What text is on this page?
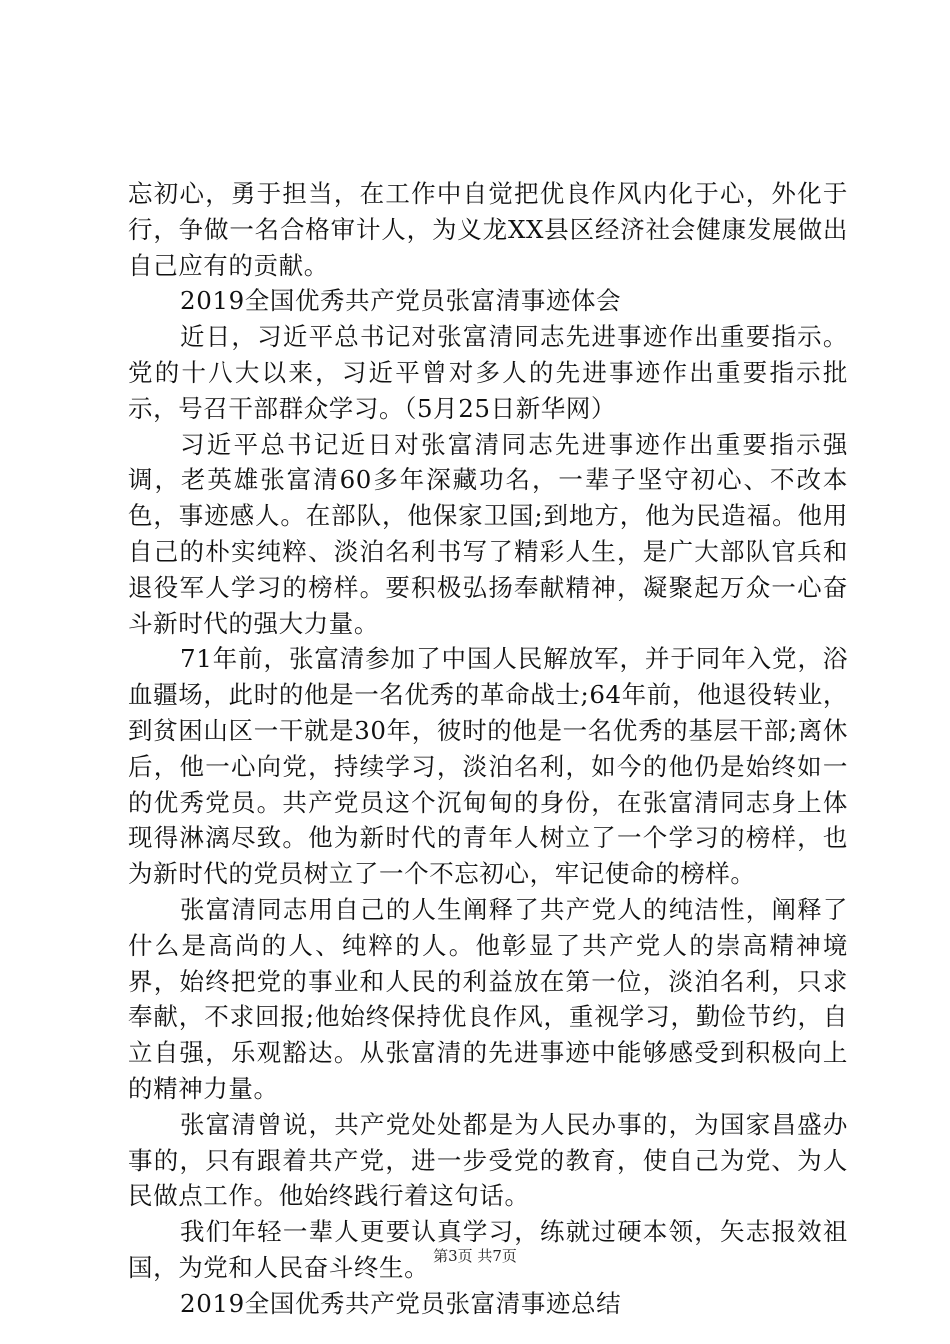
忘初心，勇于担当，在工作中自觉把优良作风内化于心，外化于行，争做一名合格审计人，为义龙XX县区经济社会健康发展做出自己应有的贡献。

2019全国优秀共产党员张富清事迹体会

近日，习近平总书记对张富清同志先进事迹作出重要指示。党的十八大以来，习近平曾对多人的先进事迹作出重要指示批示，号召干部群众学习。（5月25日新华网）

习近平总书记近日对张富清同志先进事迹作出重要指示强调，老英雄张富清60多年深藏功名，一辈子坚守初心、不改本色，事迹感人。在部队，他保家卫国;到地方，他为民造福。他用自己的朴实纯粹、淡泊名利书写了精彩人生，是广大部队官兵和退役军人学习的榜样。要积极弘扬奉献精神，凝聚起万众一心奋斗新时代的强大力量。

71年前，张富清参加了中国人民解放军，并于同年入党，浴血疆场，此时的他是一名优秀的革命战士;64年前，他退役转业，到贫困山区一干就是30年，彼时的他是一名优秀的基层干部;离休后，他一心向党，持续学习，淡泊名利，如今的他仍是始终如一的优秀党员。共产党员这个沉甸甸的身份，在张富清同志身上体现得淋漓尽致。他为新时代的青年人树立了一个学习的榜样，也为新时代的党员树立了一个不忘初心，牢记使命的榜样。

张富清同志用自己的人生阐释了共产党人的纯洁性，阐释了什么是高尚的人、纯粹的人。他彰显了共产党人的崇高精神境界，始终把党的事业和人民的利益放在第一位，淡泊名利，只求奉献，不求回报;他始终保持优良作风，重视学习，勤俭节约，自立自强，乐观豁达。从张富清的先进事迹中能够感受到积极向上的精神力量。

张富清曾说，共产党处处都是为人民办事的，为国家昌盛办事的，只有跟着共产党，进一步受党的教育，使自己为党、为人民做点工作。他始终践行着这句话。

我们年轻一辈人更要认真学习，练就过硬本领，矢志报效祖国，为党和人民奋斗终生。

2019全国优秀共产党员张富清事迹总结

第3页 共7页
